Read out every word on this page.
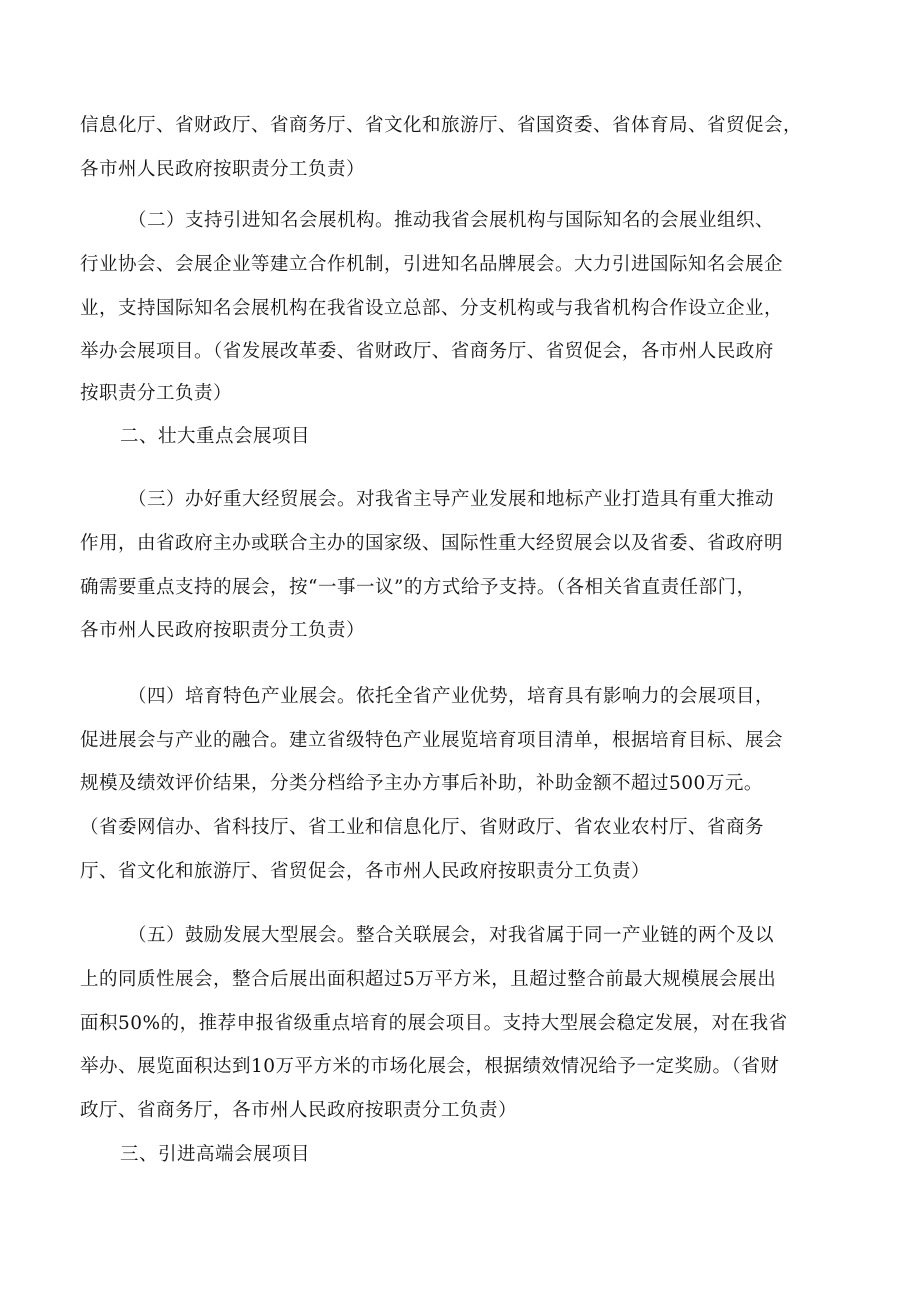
信息化厅、省财政厅、省商务厅、省文化和旅游厅、省国资委、省体育局、省贸促会，
各市州人民政府按职责分工负责）
（二）支持引进知名会展机构。推动我省会展机构与国际知名的会展业组织、
行业协会、会展企业等建立合作机制，引进知名品牌展会。大力引进国际知名会展企
业，支持国际知名会展机构在我省设立总部、分支机构或与我省机构合作设立企业，
举办会展项目。（省发展改革委、省财政厅、省商务厅、省贸促会，各市州人民政府
按职责分工负责）
二、壮大重点会展项目
（三）办好重大经贸展会。对我省主导产业发展和地标产业打造具有重大推动
作用，由省政府主办或联合主办的国家级、国际性重大经贸展会以及省委、省政府明
确需要重点支持的展会，按“一事一议”的方式给予支持。（各相关省直责任部门，
各市州人民政府按职责分工负责）
（四）培育特色产业展会。依托全省产业优势，培育具有影响力的会展项目，
促进展会与产业的融合。建立省级特色产业展览培育项目清单，根据培育目标、展会
规模及绩效评价结果，分类分档给予主办方事后补助，补助金额不超过500万元。
（省委网信办、省科技厅、省工业和信息化厅、省财政厅、省农业农村厅、省商务
厅、省文化和旅游厅、省贸促会，各市州人民政府按职责分工负责）
（五）鼓励发展大型展会。整合关联展会，对我省属于同一产业链的两个及以
上的同质性展会，整合后展出面积超过5万平方米，且超过整合前最大规模展会展出
面积50%的，推荐申报省级重点培育的展会项目。支持大型展会稳定发展，对在我省
举办、展览面积达到10万平方米的市场化展会，根据绩效情况给予一定奖励。（省财
政厅、省商务厅，各市州人民政府按职责分工负责）
三、引进高端会展项目
